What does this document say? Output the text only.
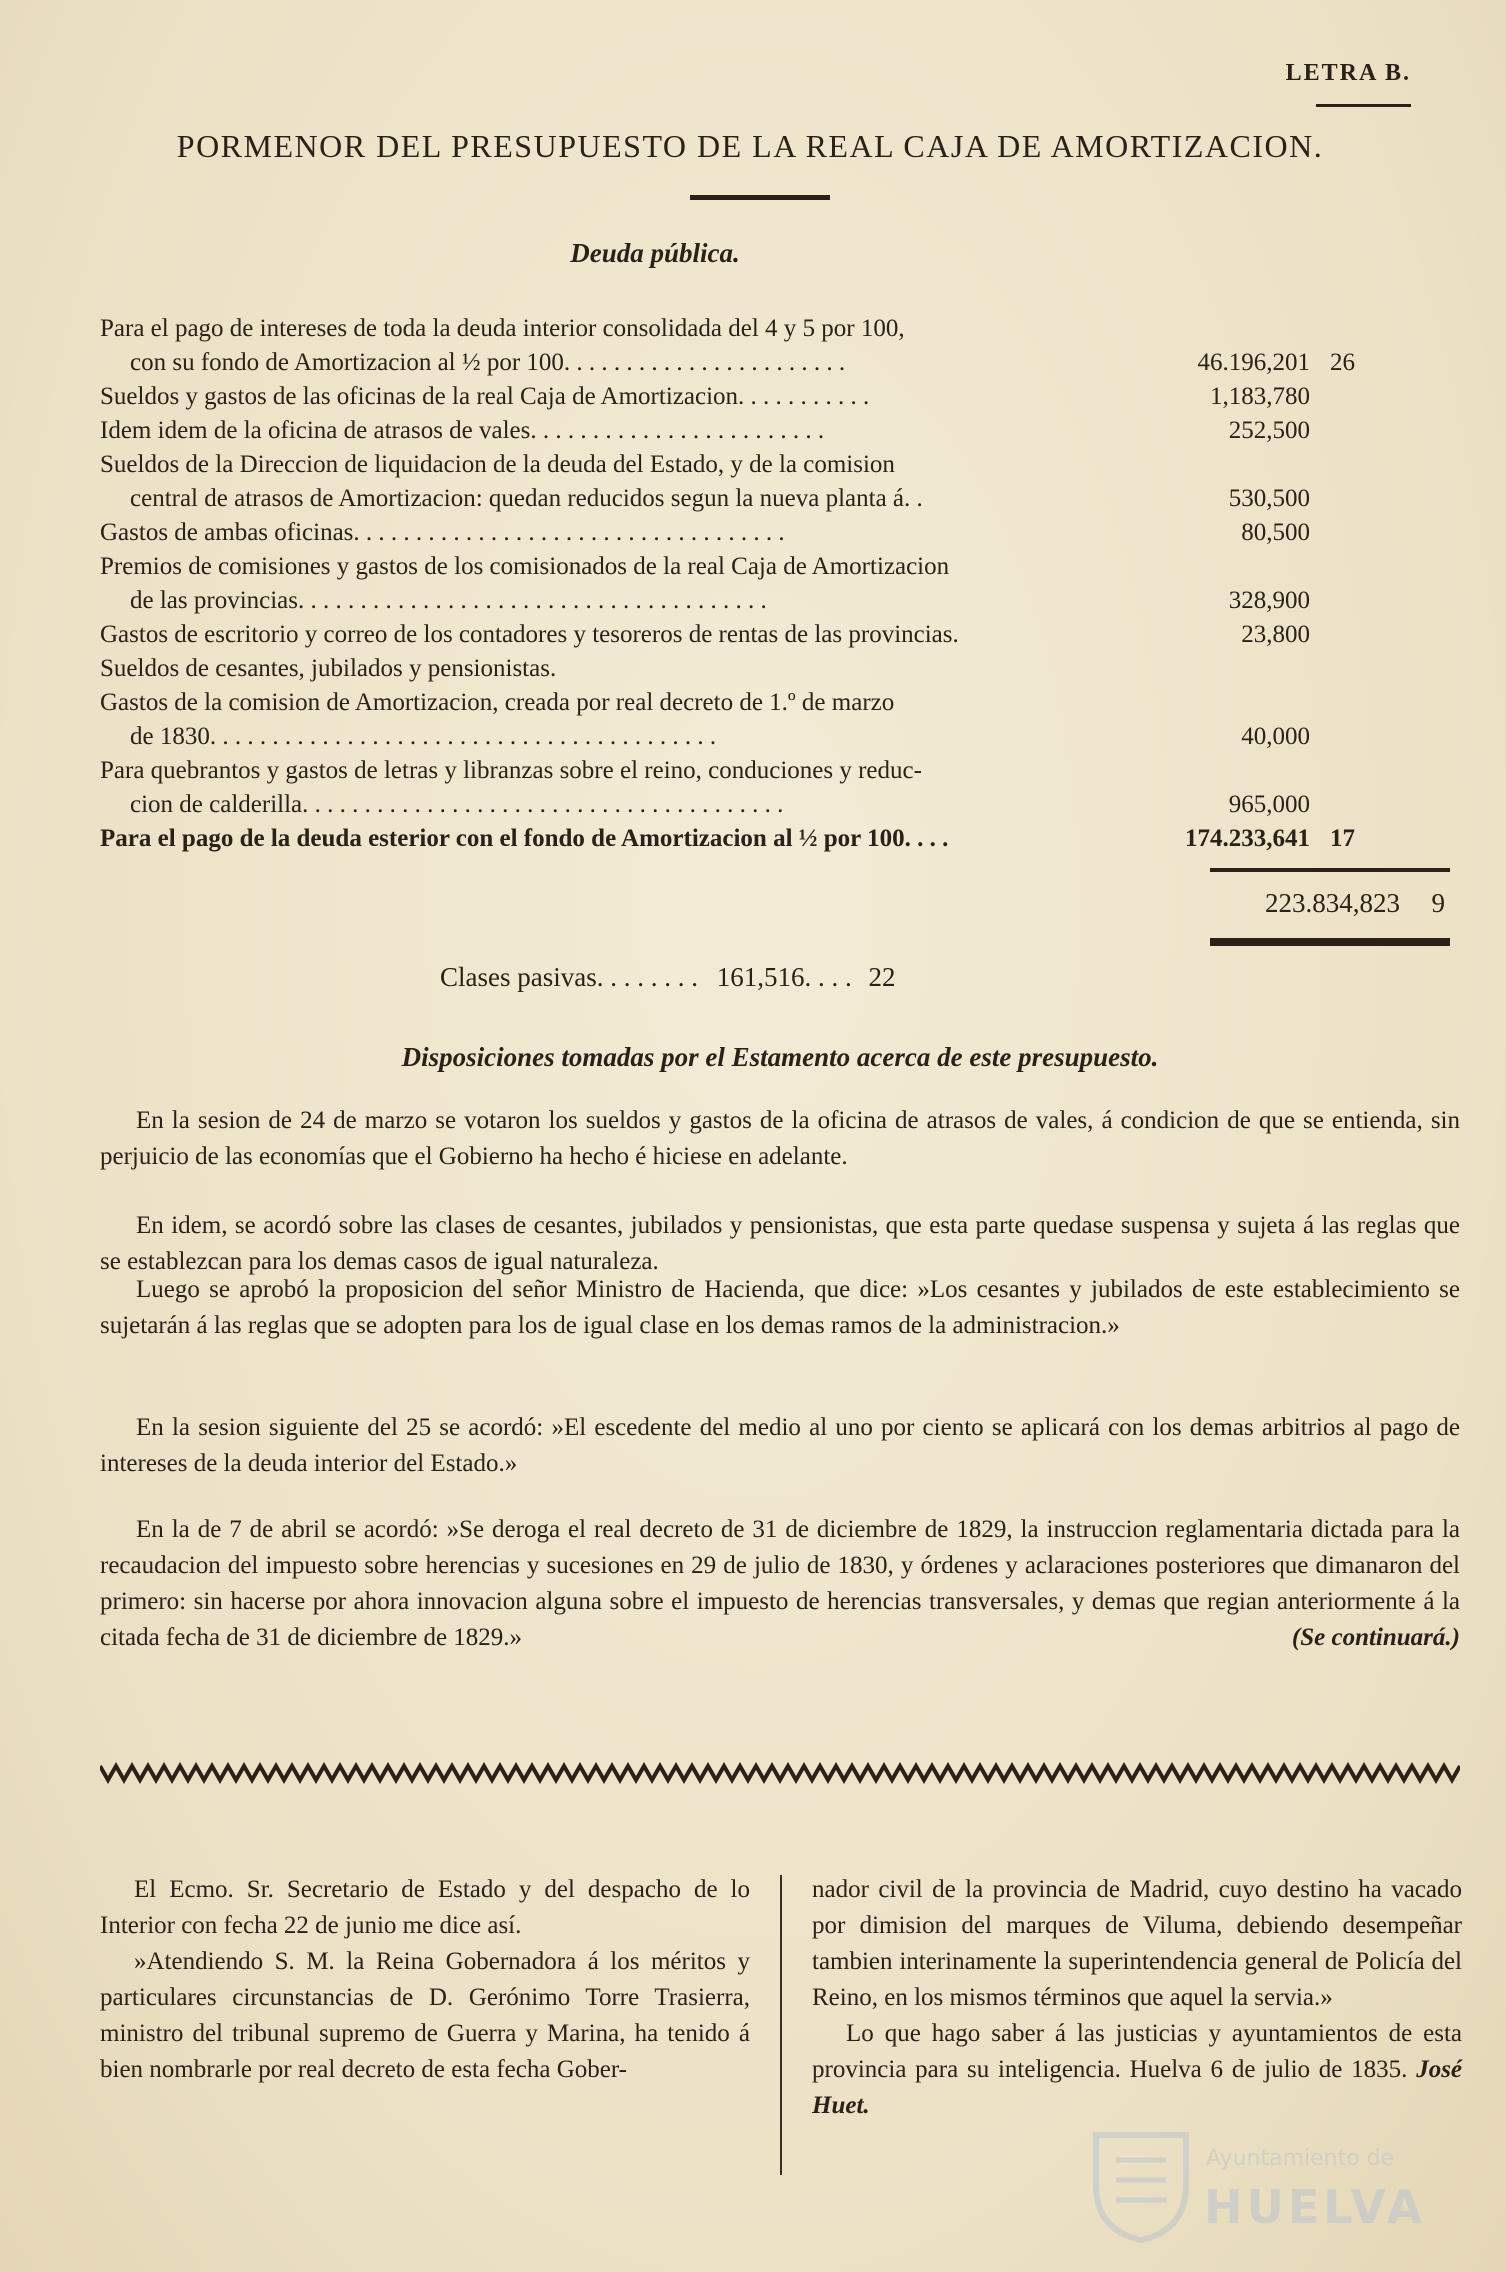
LETRA B.
PORMENOR DEL PRESUPUESTO DE LA REAL CAJA DE AMORTIZACION.
Deuda pública.
Para el pago de intereses de toda la deuda interior consolidada del 4 y 5 por 100,
con su fondo de Amortizacion al ½ por 100. . . . . . . . . . . . . . . . . . . . . . .	46.196,201 26
Sueldos y gastos de las oficinas de la real Caja de Amortizacion. . . . . . . . . . .	1,183,780
Idem idem de la oficina de atrasos de vales. . . . . . . . . . . . . . . . . . . . . . . .	252,500
Sueldos de la Direccion de liquidacion de la deuda del Estado, y de la comision
central de atrasos de Amortizacion: quedan reducidos segun la nueva planta á. .	530,500
Gastos de ambas oficinas. . . . . . . . . . . . . . . . . . . . . . . . . . . . . . . . . . .	80,500
Premios de comisiones y gastos de los comisionados de la real Caja de Amortizacion
de las provincias. . . . . . . . . . . . . . . . . . . . . . . . . . . . . . . . . . . . . .	328,900
Gastos de escritorio y correo de los contadores y tesoreros de rentas de las provincias.	23,800
Sueldos de cesantes, jubilados y pensionistas.
Gastos de la comision de Amortizacion, creada por real decreto de 1.º de marzo
de 1830. . . . . . . . . . . . . . . . . . . . . . . . . . . . . . . . . . . . . . . . .	40,000
Para quebrantos y gastos de letras y libranzas sobre el reino, conduciones y reduc-
cion de calderilla. . . . . . . . . . . . . . . . . . . . . . . . . . . . . . . . . . . . . . .	965,000
Para el pago de la deuda esterior con el fondo de Amortizacion al ½ por 100. . . .	174.233,641 17
223.834,823 9
Clases pasivas. . . . . . . . 161,516. . . . 22
Disposiciones tomadas por el Estamento acerca de este presupuesto.
En la sesion de 24 de marzo se votaron los sueldos y gastos de la oficina de atrasos de vales, á condicion de que se entienda, sin perjuicio de las economías que el Gobierno ha hecho é hiciese en adelante.
En idem, se acordó sobre las clases de cesantes, jubilados y pensionistas, que esta parte quedase suspensa y sujeta á las reglas que se establezcan para los demas casos de igual naturaleza.
Luego se aprobó la proposicion del señor Ministro de Hacienda, que dice: »Los cesantes y jubilados de este establecimiento se sujetarán á las reglas que se adopten para los de igual clase en los demas ramos de la administracion.»
En la sesion siguiente del 25 se acordó: »El escedente del medio al uno por ciento se aplicará con los demas arbitrios al pago de intereses de la deuda interior del Estado.»
En la de 7 de abril se acordó: »Se deroga el real decreto de 31 de diciembre de 1829, la instruccion reglamentaria dictada para la recaudacion del impuesto sobre herencias y sucesiones en 29 de julio de 1830, y órdenes y aclaraciones posteriores que dimanaron del primero: sin hacerse por ahora innovacion alguna sobre el impuesto de herencias transversales, y demas que regian anteriormente á la citada fecha de 31 de diciembre de 1829.»	(Se continuará.)

El Ecmo. Sr. Secretario de Estado y del despacho de lo Interior con fecha 22 de junio me dice así.

»Atendiendo S. M. la Reina Gobernadora á los méritos y particulares circunstancias de D. Gerónimo Torre Trasierra, ministro del tribunal supremo de Guerra y Marina, ha tenido á bien nombrarle por real decreto de esta fecha Gober-

nador civil de la provincia de Madrid, cuyo destino ha vacado por dimision del marques de Viluma, debiendo desempeñar tambien interinamente la superintendencia general de Policía del Reino, en los mismos términos que aquel la servia.»

Lo que hago saber á las justicias y ayuntamientos de esta provincia para su inteligencia. Huelva 6 de julio de 1835. José Huet.

Ayuntamiento de
HUELVA
